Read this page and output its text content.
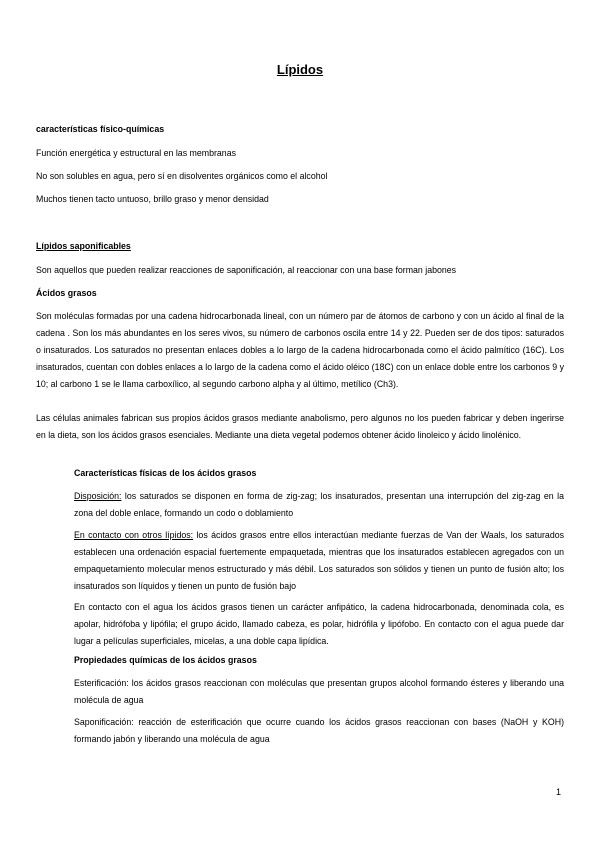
Lípidos

características físico-químicas

Función energética y estructural en las membranas

No son solubles en agua, pero sí en disolventes orgánicos como el alcohol

Muchos tienen tacto untuoso, brillo graso y menor densidad

Lípidos saponificables

Son aquellos que pueden realizar reacciones de saponificación, al reaccionar con una base forman jabones

Ácidos grasos

Son moléculas formadas por una cadena hidrocarbonada lineal, con un número par de átomos de carbono y con un ácido al final de la cadena . Son los más abundantes en los seres vivos, su número de carbonos oscila entre 14 y 22. Pueden ser de dos tipos: saturados o insaturados. Los saturados no presentan enlaces dobles a lo largo de la cadena hidrocarbonada como el ácido palmítico (16C). Los insaturados, cuentan con dobles enlaces a lo largo de la cadena como el ácido oléico (18C) con un enlace doble entre los carbonos 9 y 10; al carbono 1 se le llama carboxílico, al segundo carbono alpha y al último, metílico (Ch3).

Las células animales fabrican sus propios ácidos grasos mediante anabolismo, pero algunos no los pueden fabricar y deben ingerirse en la dieta, son los ácidos grasos esenciales. Mediante una dieta vegetal podemos obtener ácido linoleico y ácido linolénico.

Características físicas de los ácidos grasos

Disposición: los saturados se disponen en forma de zig-zag; los insaturados, presentan una interrupción del zig-zag en la zona del doble enlace, formando un codo o doblamiento

En contacto con otros lípidos: los ácidos grasos entre ellos interactúan mediante fuerzas de Van der Waals, los saturados establecen una ordenación espacial fuertemente empaquetada, mientras que los insaturados establecen agregados con un empaquetamiento molecular menos estructurado y más débil. Los saturados son sólidos y tienen un punto de fusión alto; los insaturados son líquidos y tienen un punto de fusión bajo

En contacto con el agua los ácidos grasos tienen un carácter anfipático, la cadena hidrocarbonada, denominada cola, es apolar, hidrófoba y lipófila; el grupo ácido, llamado cabeza, es polar, hidrófila y lipófobo. En contacto con el agua puede dar lugar a películas superficiales, micelas, a una doble capa lipídica.

Propiedades químicas de los ácidos grasos

Esterificación: los ácidos grasos reaccionan con moléculas que presentan grupos alcohol formando ésteres y liberando una molécula de agua

Saponificación: reacción de esterificación que ocurre cuando los ácidos grasos reaccionan con bases (NaOH y KOH) formando jabón y liberando una molécula de agua

1
